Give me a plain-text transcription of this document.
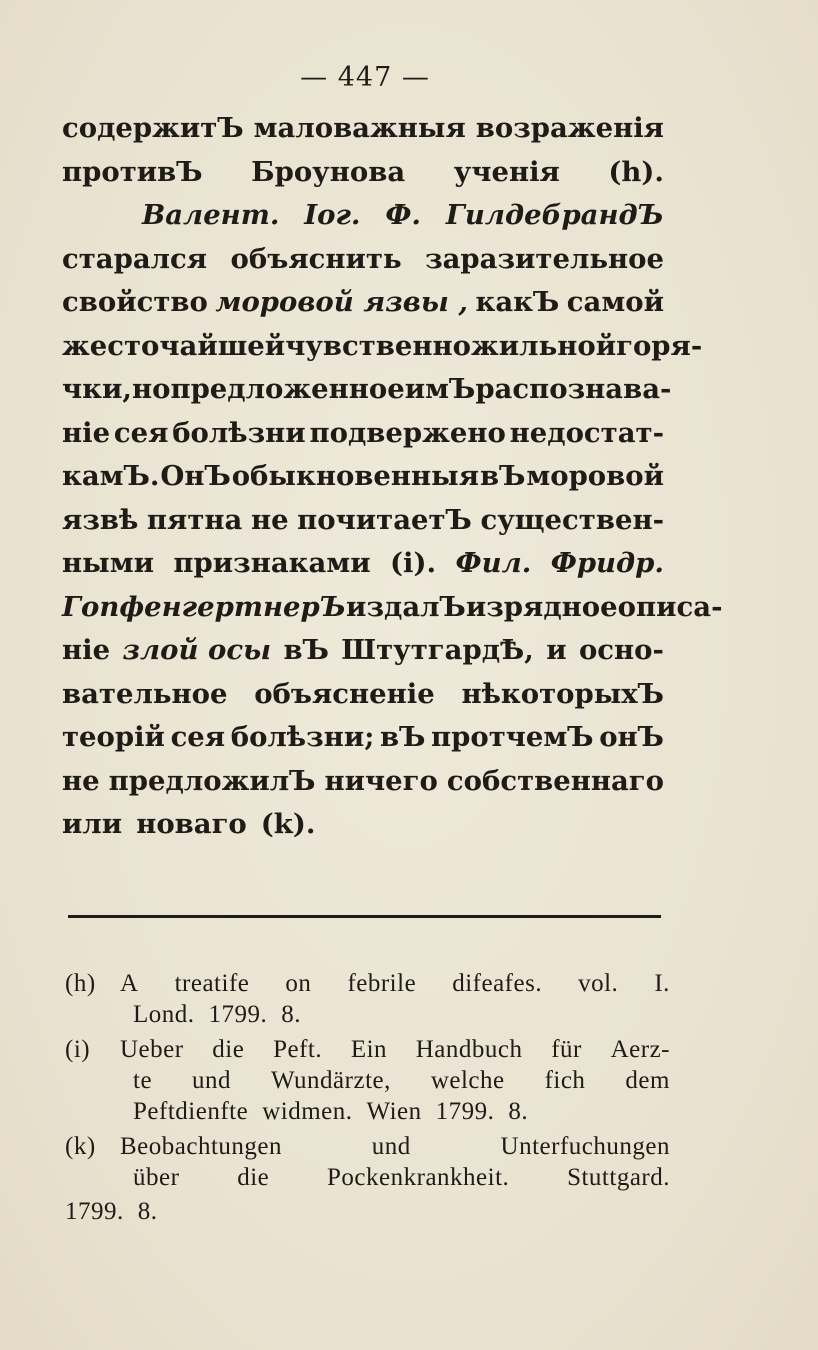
— 447 —
содержитЪ маловажныя возраженія
противЪ Броунова ученія (h).
Валент. Іог. Ф. ГилдебрандЪ
старался объяснить заразительное
свойство моровой язвы , какЪ самой
жесточайшей чувственножильной горя-
чки, но предложенное имЪ распознава-
ніе сея болѣзни подвержено недостат-
камЪ. ОнЪ обыкновенныя вЪ моровой
язвѣ пятна не почитаетЪ существен-
ными признаками (i). Фил. Фридр.
ГопфенгертнерЪ издалЪ изрядное описа-
ніе злой осы вЪ ШтутгардѢ, и осно-
вательное объясненіе нѣкоторыхЪ
теорій сея болѣзни; вЪ протчемЪ онЪ
не предложилЪ ничего собственнаго
или новаго (k).
(h) A treatife on febrile difeafes. vol. I.
Lond. 1799. 8.
(i) Ueber die Peft. Ein Handbuch für Aerz-
te und Wundärzte, welche fich dem
Peftdienfte widmen. Wien 1799. 8.
(k) Beobachtungen	und	Unterfuchungen
über die Pockenkrankheit. Stuttgard.
1799. 8.
